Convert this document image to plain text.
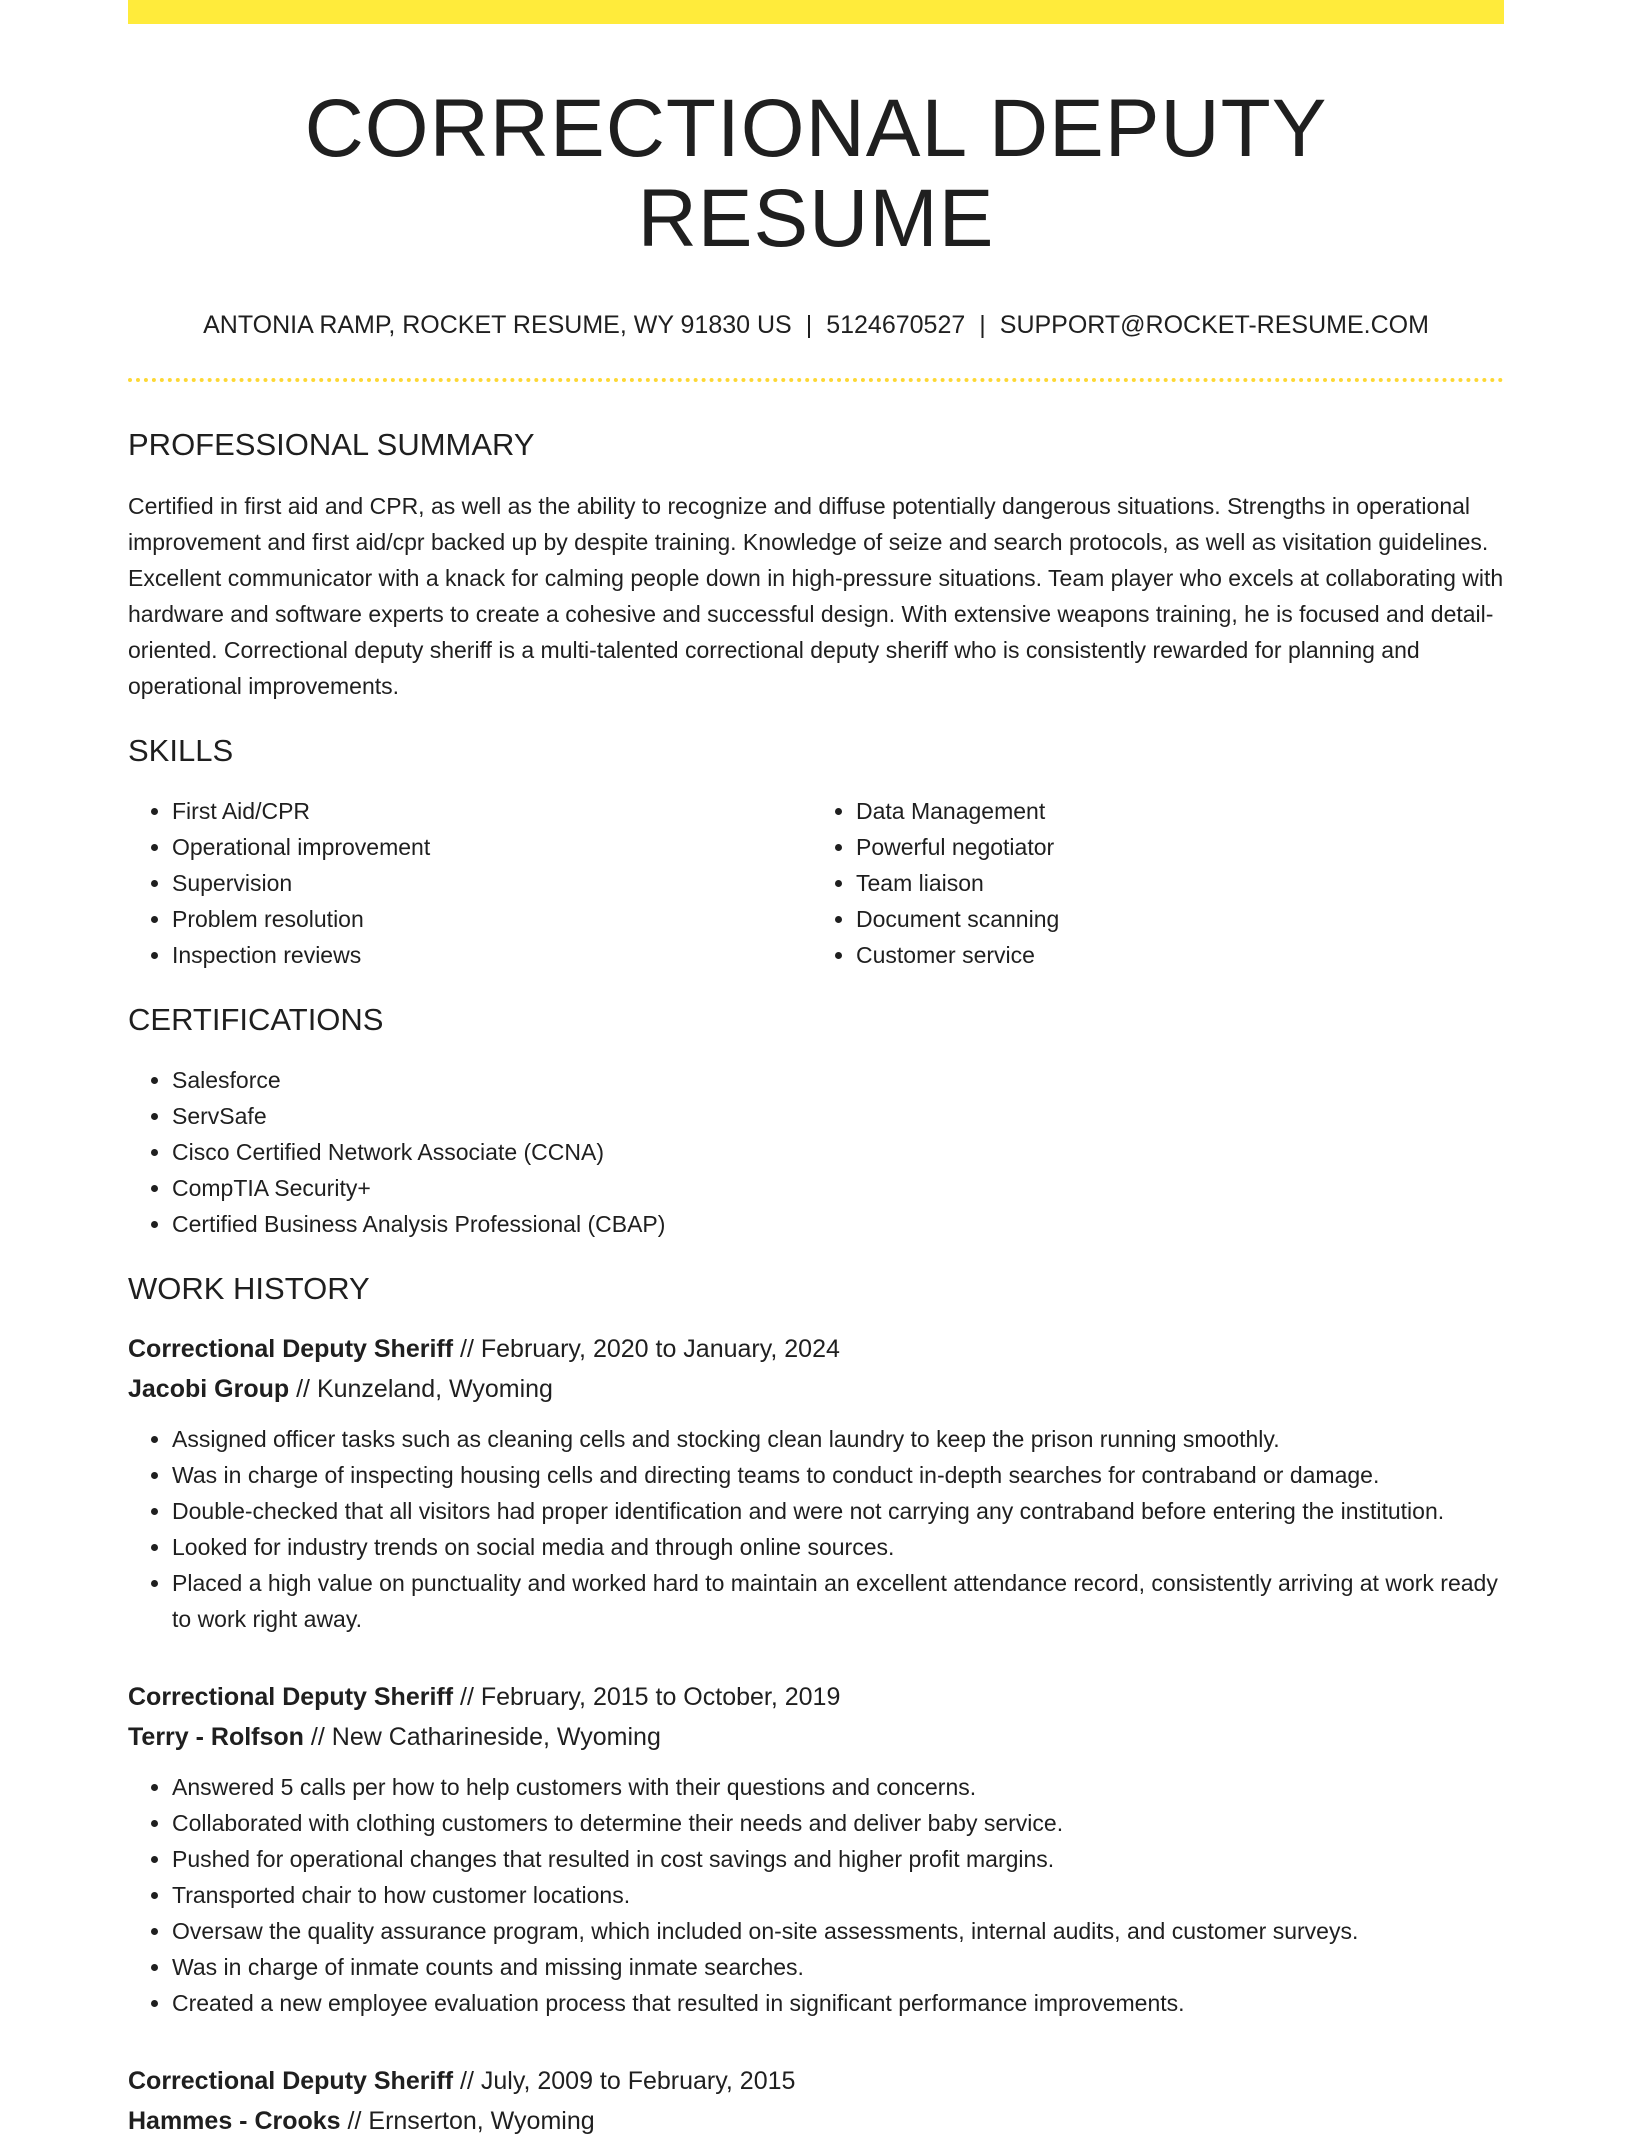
CORRECTIONAL DEPUTY RESUME
ANTONIA RAMP, ROCKET RESUME, WY 91830 US | 5124670527 | SUPPORT@ROCKET-RESUME.COM
PROFESSIONAL SUMMARY
Certified in first aid and CPR, as well as the ability to recognize and diffuse potentially dangerous situations. Strengths in operational improvement and first aid/cpr backed up by despite training. Knowledge of seize and search protocols, as well as visitation guidelines. Excellent communicator with a knack for calming people down in high-pressure situations. Team player who excels at collaborating with hardware and software experts to create a cohesive and successful design. With extensive weapons training, he is focused and detail-oriented. Correctional deputy sheriff is a multi-talented correctional deputy sheriff who is consistently rewarded for planning and operational improvements.
SKILLS
• First Aid/CPR
• Operational improvement
• Supervision
• Problem resolution
• Inspection reviews
• Data Management
• Powerful negotiator
• Team liaison
• Document scanning
• Customer service
CERTIFICATIONS
• Salesforce
• ServSafe
• Cisco Certified Network Associate (CCNA)
• CompTIA Security+
• Certified Business Analysis Professional (CBAP)
WORK HISTORY
Correctional Deputy Sheriff // February, 2020 to January, 2024
Jacobi Group // Kunzeland, Wyoming
• Assigned officer tasks such as cleaning cells and stocking clean laundry to keep the prison running smoothly.
• Was in charge of inspecting housing cells and directing teams to conduct in-depth searches for contraband or damage.
• Double-checked that all visitors had proper identification and were not carrying any contraband before entering the institution.
• Looked for industry trends on social media and through online sources.
• Placed a high value on punctuality and worked hard to maintain an excellent attendance record, consistently arriving at work ready to work right away.
Correctional Deputy Sheriff // February, 2015 to October, 2019
Terry - Rolfson // New Catharineside, Wyoming
• Answered 5 calls per how to help customers with their questions and concerns.
• Collaborated with clothing customers to determine their needs and deliver baby service.
• Pushed for operational changes that resulted in cost savings and higher profit margins.
• Transported chair to how customer locations.
• Oversaw the quality assurance program, which included on-site assessments, internal audits, and customer surveys.
• Was in charge of inmate counts and missing inmate searches.
• Created a new employee evaluation process that resulted in significant performance improvements.
Correctional Deputy Sheriff // July, 2009 to February, 2015
Hammes - Crooks // Ernserton, Wyoming
